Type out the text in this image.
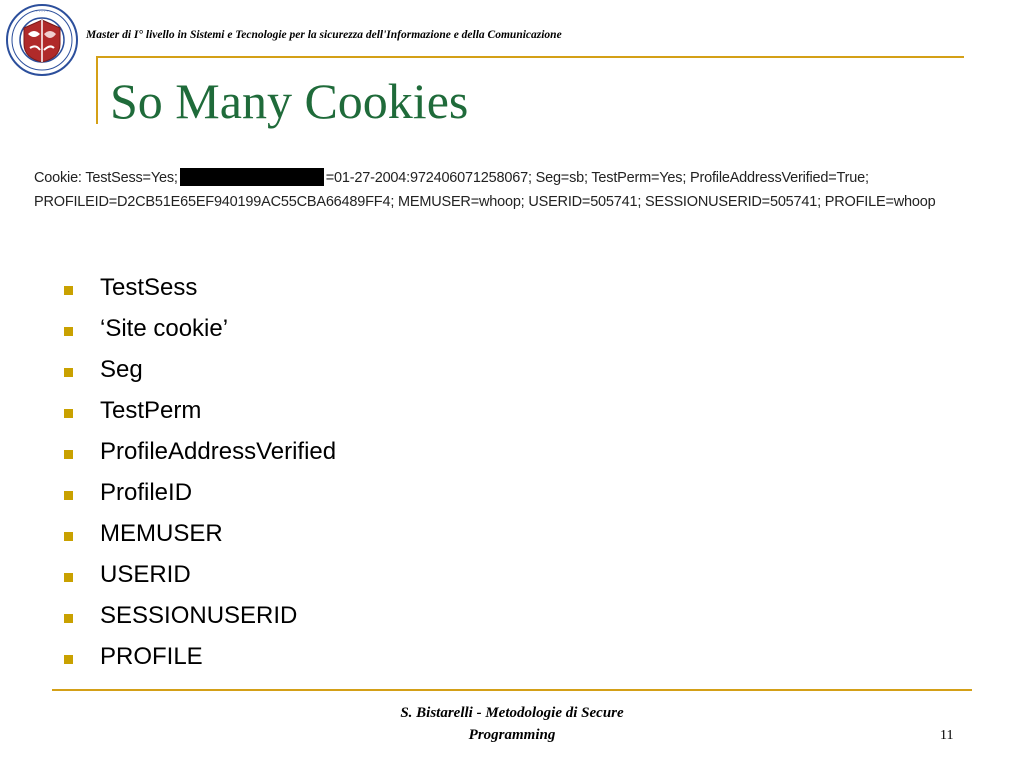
· · · · ·
Master di I° livello in Sistemi e Tecnologie per la sicurezza dell'Informazione e della Comunicazione
So Many Cookies
Cookie: TestSess=Yes;	=01-27-2004:972406071258067; Seg=sb; TestPerm=Yes; ProfileAddressVerified=True;
PROFILEID=D2CB51E65EF940199AC55CBA66489FF4; MEMUSER=whoop; USERID=505741; SESSIONUSERID=505741; PROFILE=whoop
TestSess
‘Site cookie’
Seg
TestPerm
ProfileAddressVerified
ProfileID
MEMUSER
USERID
SESSIONUSERID
PROFILE
S. Bistarelli - Metodologie di Secure
Programming	11
